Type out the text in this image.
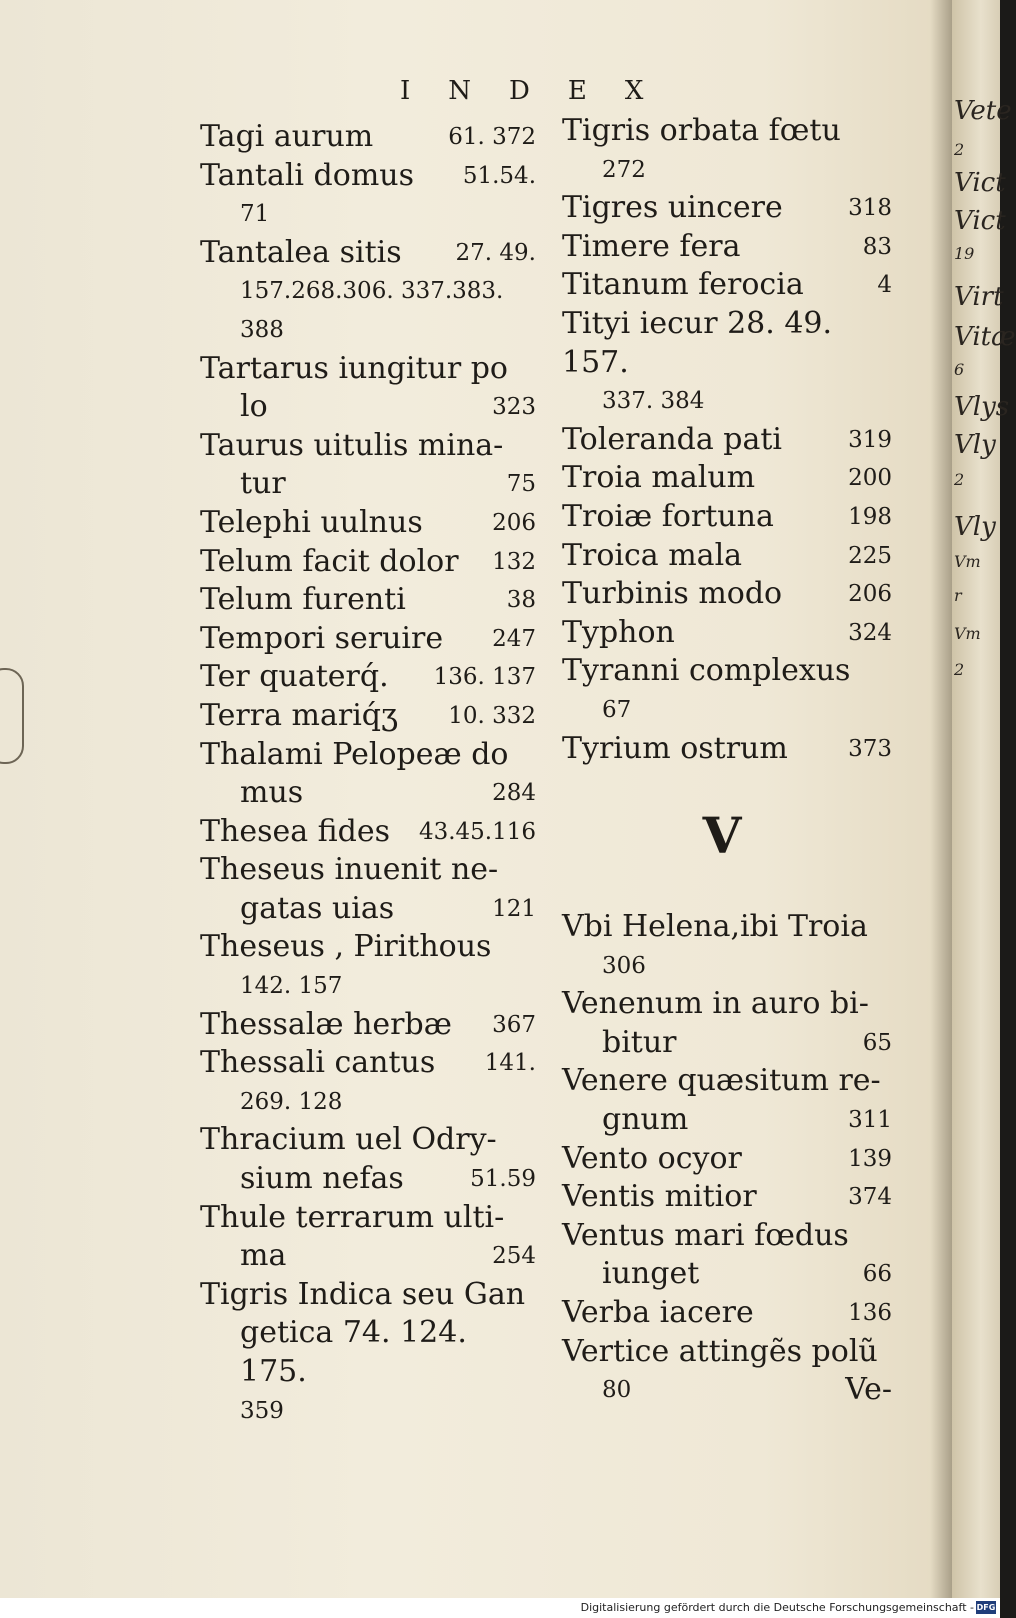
INDEX
Tagi aurum	61. 372
Tantali domus	51.54.
71
Tantalea sitis	27. 49.
157.268.306. 337.383.
388
Tartarus iungitur po
lo	323
Taurus uitulis mina-
tur	75
Telephi uulnus	206
Telum facit dolor	132
Telum furenti	38
Tempori seruire	247
Ter quaterq́.	136. 137
Terra mariq́ʒ	10. 332
Thalami Pelopeæ do
mus	284
Thesea fides	43.45.116
Theseus inuenit ne-
gatas uias	121
Theseus , Pirithous
142. 157
Thessalæ herbæ	367
Thessali cantus	141.
269. 128
Thracium uel Odry-
sium nefas	51.59
Thule terrarum ulti-
ma	254
Tigris Indica seu Gan
getica 74. 124. 175.
359
Tigris orbata fœtu
272
Tigres uincere	318
Timere fera	83
Titanum ferocia	4
Tityi iecur 28. 49. 157.
337. 384
Toleranda pati	319
Troia malum	200
Troiæ fortuna	198
Troica mala	225
Turbinis modo	206
Typhon	324
Tyranni complexus
67
Tyrium ostrum	373
V
Vbi Helena,ibi Troia
306
Venenum in auro bi-
bitur	65
Venere quæsitum re-
gnum	311
Vento ocyor	139
Ventis mitior	374
Ventus mari fœdus
iunget	66
Verba iacere	136
Vertice attingẽs polũ
80	Ve-
Vete
2
Vict
Vict
19
Virt
Vitæ
6
Vlys
Vly
2
Vly
Vm
r
Vm
2
Digitalisierung gefördert durch die Deutsche Forschungsgemeinschaft - DFG
